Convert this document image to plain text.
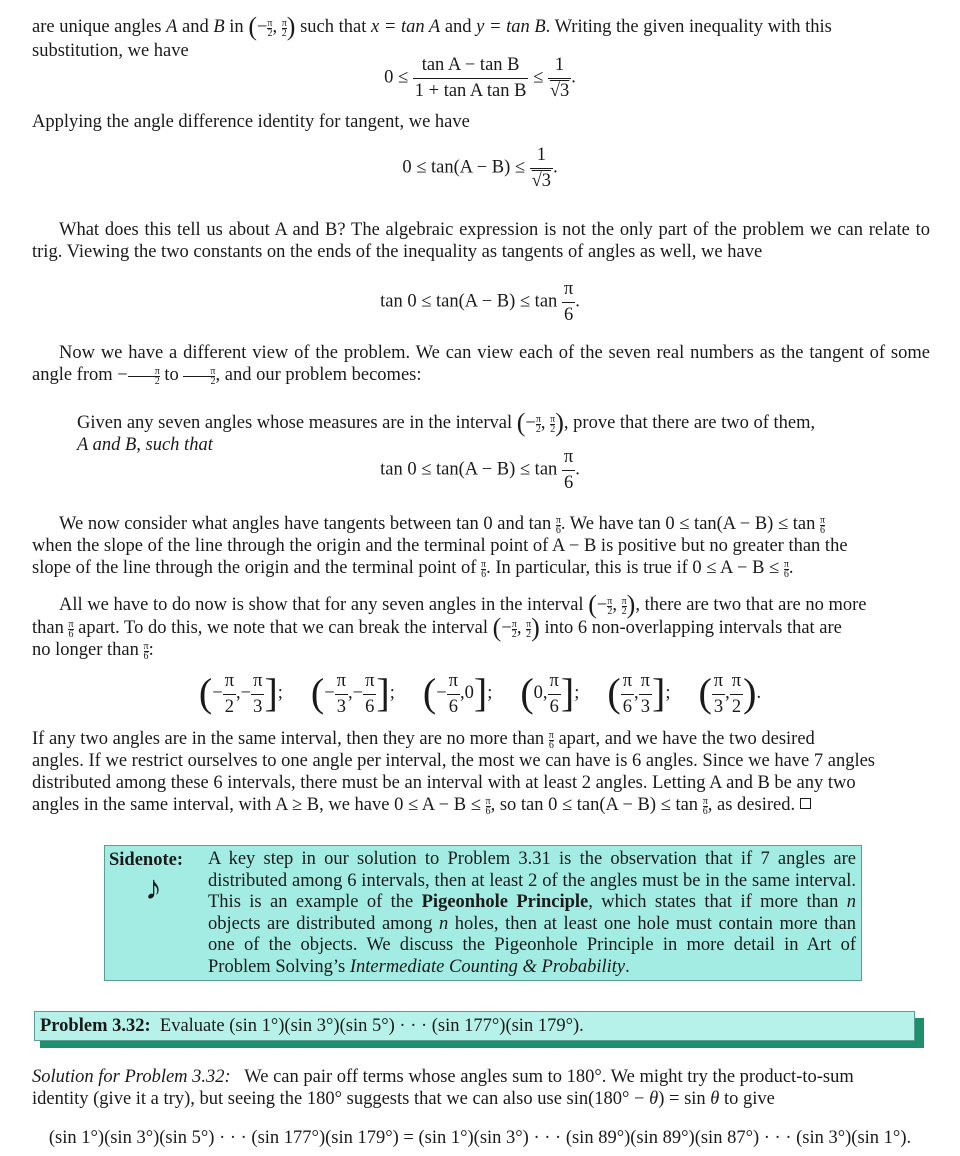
are unique angles A and B in (− $\frac{\pi}{2}$ , $\frac{\pi}{2}$ ) such that x = tan A and y = tan B. Writing the given inequality with this
substitution, we have
$0 \le \frac{\text{tan A − tan B}}{\text{1 + tan A tan B}} \le \frac{1}{√3}$ .
Applying the angle difference identity for tangent, we have
$0 \le \tan(A - B) \le \frac{1}{√3}$ .
What does this tell us about A and B? The algebraic expression is not the only part of the problem we can relate to trig. Viewing the two constants on the ends of the inequality as tangents of angles as well, we have
$\tan 0 \le \tan(A - B) \le \tan \frac{\pi}{6}$ .
Given any seven angles whose measures are in the interval (− $\frac{\pi}{2}$ , $\frac{\pi}{2}$ ), prove that there are two of them,
A and B, such that
$\tan 0 \le \tan(A - B) \le \tan \frac{\pi}{6}$ .
We now consider what angles have tangents between tan 0 and $\tan \frac{\pi}{6}$ . We have $\tan 0 \le \tan(A - B) \le \tan \frac{\pi}{6}$
when the slope of the line through the origin and the terminal point of A − B is positive but no greater than the
slope of the line through the origin and the terminal point of $\frac{\pi}{6}$ . In particular, this is true if $0 \le A - B \le \frac{\pi}{6}$ .
All we have to do now is show that for any seven angles in the interval (− $\frac{\pi}{2}$ , $\frac{\pi}{2}$ ), there are two that are no more
than $\frac{\pi}{6}$ apart. To do this, we note that we can break the interval (− $\frac{\pi}{2}$ , $\frac{\pi}{2}$ ) into 6 non-overlapping intervals that are
no longer than $\frac{\pi}{6}$ :
(− $\frac{\pi}{2}$ ,− $\frac{\pi}{3}$ ]; (− $\frac{\pi}{3}$ ,− $\frac{\pi}{6}$ ]; (− $\frac{\pi}{6} ,0$]; (0, $\frac{\pi}{6}$ ]; ( $\frac{\pi}{6}$ , $\frac{\pi}{3}$ ]; ( $\frac{\pi}{3}$ , $\frac{\pi}{2}$ ).
If any two angles are in the same interval, then they are no more than $\frac{\pi}{6}$ apart, and we have the two desired
angles. If we restrict ourselves to one angle per interval, the most we can have is 6 angles. Since we have 7 angles
distributed among these 6 intervals, there must be an interval with at least 2 angles. Letting A and B be any two
angles in the same interval, with A ≥ B, we have $0 \le A - B \le \frac{\pi}{6}$ , so $\tan 0 \le \tan(A - B) \le \tan \frac{\pi}{6}$ , as desired.
Sidenote:
♪
A key step in our solution to Problem 3.31 is the observation that if 7 angles are distributed among 6 intervals, then at least 2 of the angles must be in the same interval. This is an example of the Pigeonhole Principle, which states that if more than n objects are distributed among n holes, then at least one hole must contain more than one of the objects. We discuss the Pigeonhole Principle in more detail in Art of Problem Solving’s Intermediate Counting & Probability.
Problem 3.32: Evaluate (sin 1°)(sin 3°)(sin 5°) · · · (sin 177°)(sin 179°).
Solution for Problem 3.32: We can pair off terms whose angles sum to 180°. We might try the product-to-sum
identity (give it a try), but seeing the 180° suggests that we can also use sin(180° − θ) = sin θ to give
(sin 1°)(sin 3°)(sin 5°) · · · (sin 177°)(sin 179°) = (sin 1°)(sin 3°) · · · (sin 89°)(sin 89°)(sin 87°) · · · (sin 3°)(sin 1°).
Now we have a different view of the problem. We can view each of the seven real numbers as the tangent of some angle from − $\frac{\pi}{2}$ to $\frac{\pi}{2}$ , and our problem becomes:
